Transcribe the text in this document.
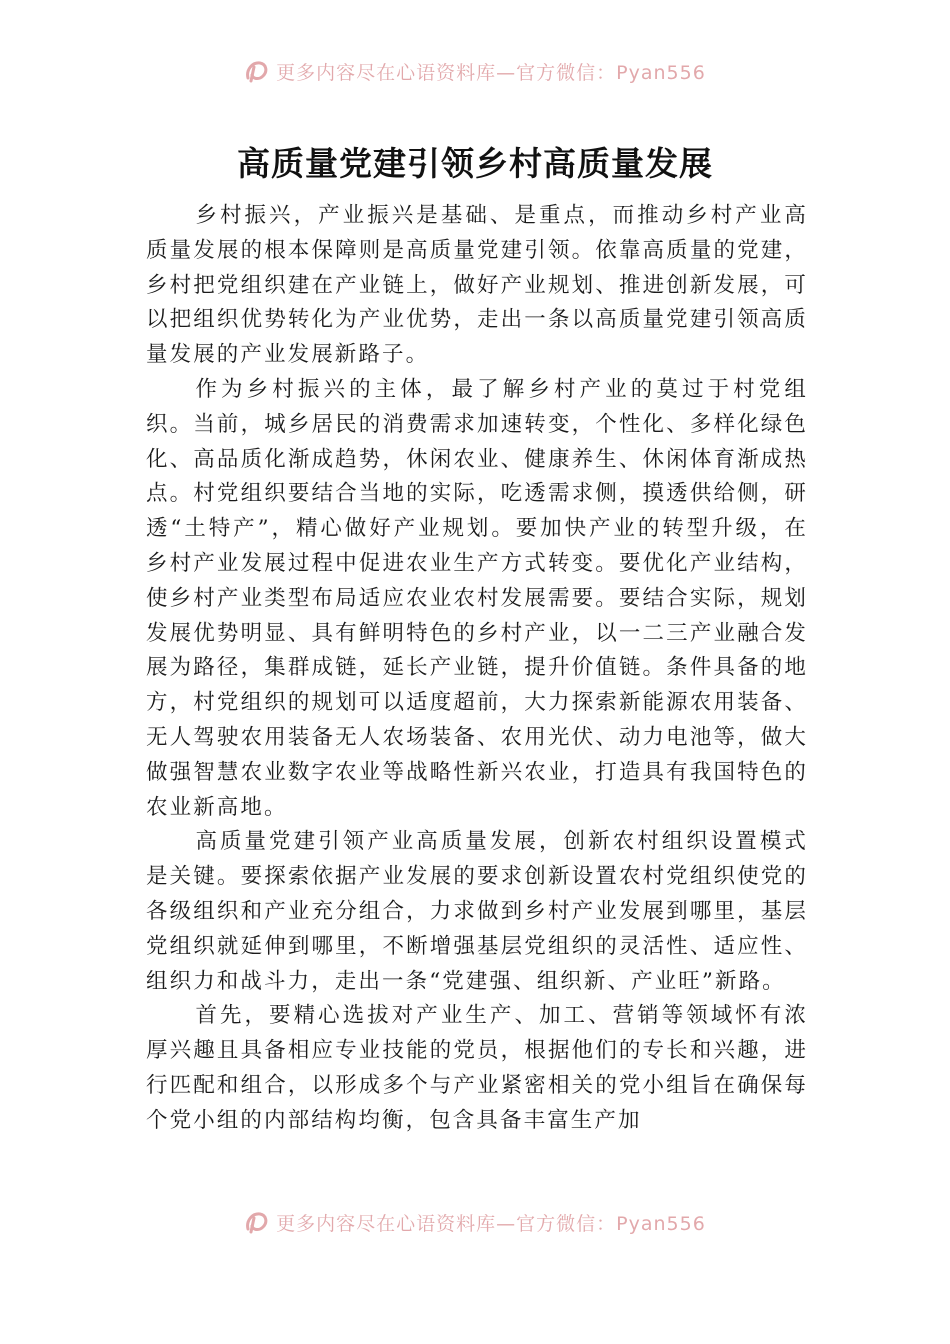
更多内容尽在心语资料库—官方微信：Pyan556
高质量党建引领乡村高质量发展

乡村振兴，产业振兴是基础、是重点，而推动乡村产业高质量发展的根本保障则是高质量党建引领。依靠高质量的党建，乡村把党组织建在产业链上，做好产业规划、推进创新发展，可以把组织优势转化为产业优势，走出一条以高质量党建引领高质量发展的产业发展新路子。

作为乡村振兴的主体，最了解乡村产业的莫过于村党组织。当前，城乡居民的消费需求加速转变，个性化、多样化绿色化、高品质化渐成趋势，休闲农业、健康养生、休闲体育渐成热点。村党组织要结合当地的实际，吃透需求侧，摸透供给侧，研透“土特产”，精心做好产业规划。要加快产业的转型升级，在乡村产业发展过程中促进农业生产方式转变。要优化产业结构，使乡村产业类型布局适应农业农村发展需要。要结合实际，规划发展优势明显、具有鲜明特色的乡村产业，以一二三产业融合发展为路径，集群成链，延长产业链，提升价值链。条件具备的地方，村党组织的规划可以适度超前，大力探索新能源农用装备、无人驾驶农用装备无人农场装备、农用光伏、动力电池等，做大做强智慧农业数字农业等战略性新兴农业，打造具有我国特色的农业新高地。

高质量党建引领产业高质量发展，创新农村组织设置模式是关键。要探索依据产业发展的要求创新设置农村党组织使党的各级组织和产业充分组合，力求做到乡村产业发展到哪里，基层党组织就延伸到哪里，不断增强基层党组织的灵活性、适应性、组织力和战斗力，走出一条“党建强、组织新、产业旺”新路。

首先，要精心选拔对产业生产、加工、营销等领域怀有浓厚兴趣且具备相应专业技能的党员，根据他们的专长和兴趣，进行匹配和组合，以形成多个与产业紧密相关的党小组旨在确保每个党小组的内部结构均衡，包含具备丰富生产加

更多内容尽在心语资料库—官方微信：Pyan556
